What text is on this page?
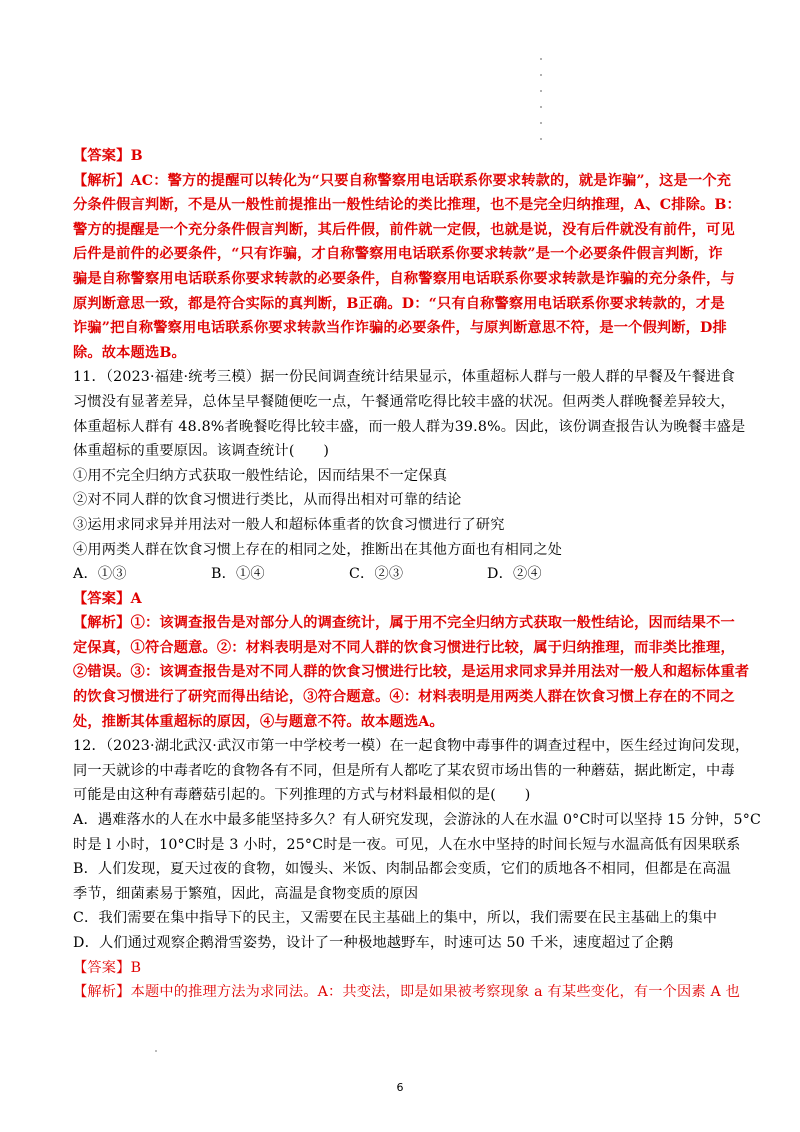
【答案】B
【解析】AC：警方的提醒可以转化为“只要自称警察用电话联系你要求转款的，就是诈骗”，这是一个充
分条件假言判断，不是从一般性前提推出一般性结论的类比推理，也不是完全归纳推理，A、C排除。B：
警方的提醒是一个充分条件假言判断，其后件假，前件就一定假，也就是说，没有后件就没有前件，可见
后件是前件的必要条件，“只有诈骗，才自称警察用电话联系你要求转款”是一个必要条件假言判断，诈
骗是自称警察用电话联系你要求转款的必要条件，自称警察用电话联系你要求转款是诈骗的充分条件，与
原判断意思一致，都是符合实际的真判断，B正确。D：“只有自称警察用电话联系你要求转款的，才是
诈骗”把自称警察用电话联系你要求转款当作诈骗的必要条件，与原判断意思不符，是一个假判断，D排
除。故本题选B。
11．（2023·福建·统考三模）据一份民间调查统计结果显示，体重超标人群与一般人群的早餐及午餐进食
习惯没有显著差异，总体呈早餐随便吃一点，午餐通常吃得比较丰盛的状况。但两类人群晚餐差异较大，
体重超标人群有 48.8%者晚餐吃得比较丰盛，而一般人群为39.8%。因此，该份调查报告认为晚餐丰盛是
体重超标的重要原因。该调查统计(　　)
①用不完全归纳方式获取一般性结论，因而结果不一定保真
②对不同人群的饮食习惯进行类比，从而得出相对可靠的结论
③运用求同求异并用法对一般人和超标体重者的饮食习惯进行了研究
④用两类人群在饮食习惯上存在的相同之处，推断出在其他方面也有相同之处
A．①③	B．①④	C．②③	D．②④
【答案】A
【解析】①：该调查报告是对部分人的调查统计，属于用不完全归纳方式获取一般性结论，因而结果不一
定保真，①符合题意。②：材料表明是对不同人群的饮食习惯进行比较，属于归纳推理，而非类比推理，
②错误。③：该调查报告是对不同人群的饮食习惯进行比较，是运用求同求异并用法对一般人和超标体重者
的饮食习惯进行了研究而得出结论，③符合题意。④：材料表明是用两类人群在饮食习惯上存在的不同之
处，推断其体重超标的原因，④与题意不符。故本题选A。
12．（2023·湖北武汉·武汉市第一中学校考一模）在一起食物中毒事件的调查过程中，医生经过询问发现，
同一天就诊的中毒者吃的食物各有不同，但是所有人都吃了某农贸市场出售的一种蘑菇，据此断定，中毒
可能是由这种有毒蘑菇引起的。下列推理的方式与材料最相似的是(　　)
A．遇难落水的人在水中最多能坚持多久？有人研究发现，会游泳的人在水温 0°C时可以坚持 15 分钟，5°C
时是 l 小时，10°C时是 3 小时，25°C时是一夜。可见，人在水中坚持的时间长短与水温高低有因果联系
B．人们发现，夏天过夜的食物，如馒头、米饭、肉制品都会变质，它们的质地各不相同，但都是在高温
季节，细菌素易于繁殖，因此，高温是食物变质的原因
C．我们需要在集中指导下的民主，又需要在民主基础上的集中，所以，我们需要在民主基础上的集中
D．人们通过观察企鹅滑雪姿势，设计了一种极地越野车，时速可达 50 千米，速度超过了企鹅
【答案】B
【解析】本题中的推理方法为求同法。A：共变法，即是如果被考察现象 a 有某些变化，有一个因素 A 也
6
